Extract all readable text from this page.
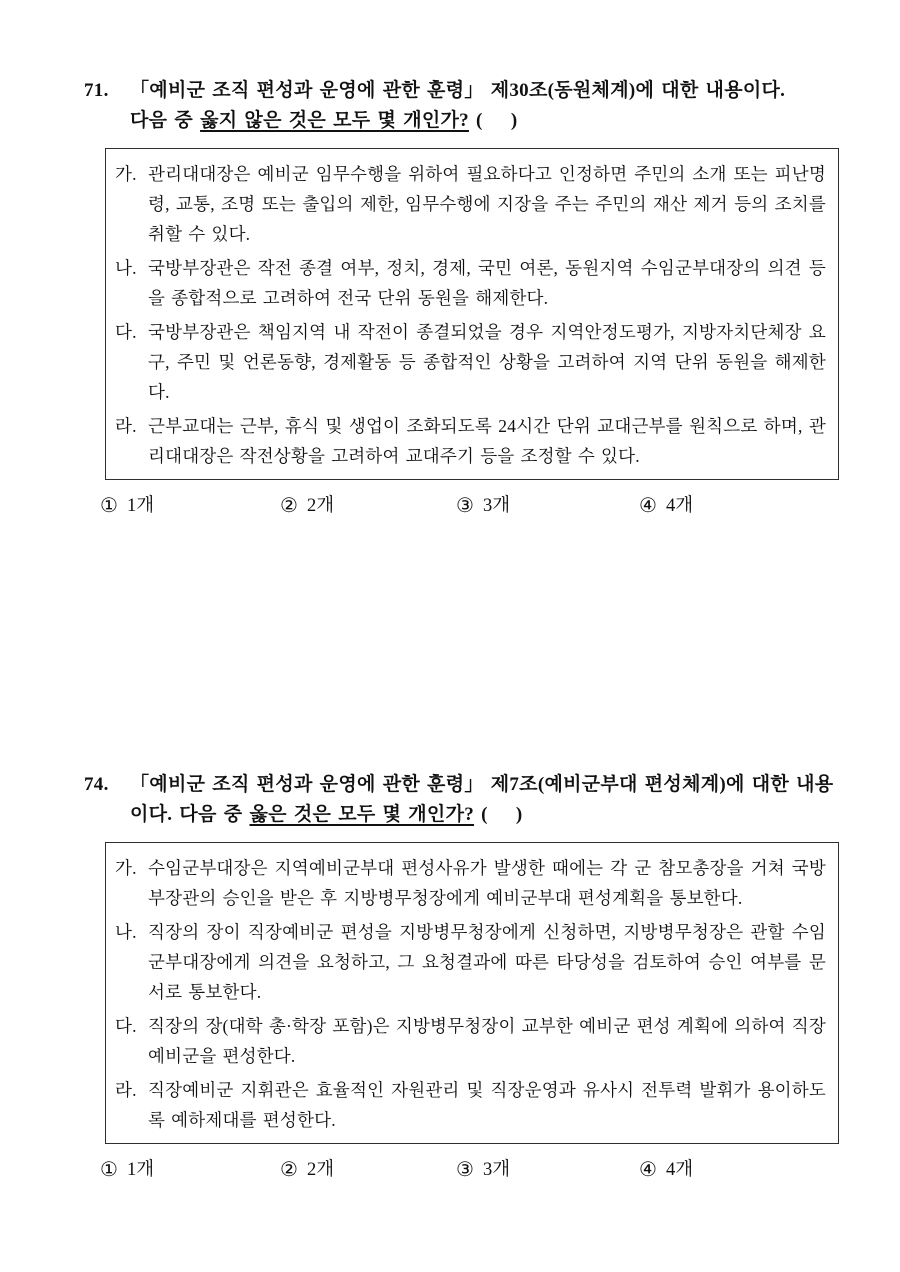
71.	「예비군 조직 편성과 운영에 관한 훈령」 제30조(동원체계)에 대한 내용이다.
다음 중 옳지 않은 것은 모두 몇 개인가? (    )
가. 관리대대장은 예비군 임무수행을 위하여 필요하다고 인정하면 주민의 소개 또는 피난명령, 교통, 조명 또는 출입의 제한, 임무수행에 지장을 주는 주민의 재산 제거 등의 조치를 취할 수 있다.
나. 국방부장관은 작전 종결 여부, 정치, 경제, 국민 여론, 동원지역 수임군부대장의 의견 등을 종합적으로 고려하여 전국 단위 동원을 해제한다.
다. 국방부장관은 책임지역 내 작전이 종결되었을 경우 지역안정도평가, 지방자치단체장 요구, 주민 및 언론동향, 경제활동 등 종합적인 상황을 고려하여 지역 단위 동원을 해제한다.
라. 근부교대는 근부, 휴식 및 생업이 조화되도록 24시간 단위 교대근부를 원칙으로 하며, 관리대대장은 작전상황을 고려하여 교대주기 등을 조정할 수 있다.
① 1개	② 2개	③ 3개	④ 4개
74.	「예비군 조직 편성과 운영에 관한 훈령」 제7조(예비군부대 편성체계)에 대한 내용
이다. 다음 중 옳은 것은 모두 몇 개인가? (    )
가. 수임군부대장은 지역예비군부대 편성사유가 발생한 때에는 각 군 참모총장을 거쳐 국방부장관의 승인을 받은 후 지방병무청장에게 예비군부대 편성계획을 통보한다.
나. 직장의 장이 직장예비군 편성을 지방병무청장에게 신청하면, 지방병무청장은 관할 수임군부대장에게 의견을 요청하고, 그 요청결과에 따른 타당성을 검토하여 승인 여부를 문서로 통보한다.
다. 직장의 장(대학 총·학장 포함)은 지방병무청장이 교부한 예비군 편성 계획에 의하여 직장예비군을 편성한다.
라. 직장예비군 지휘관은 효율적인 자원관리 및 직장운영과 유사시 전투력 발휘가 용이하도록 예하제대를 편성한다.
① 1개	② 2개	③ 3개	④ 4개
